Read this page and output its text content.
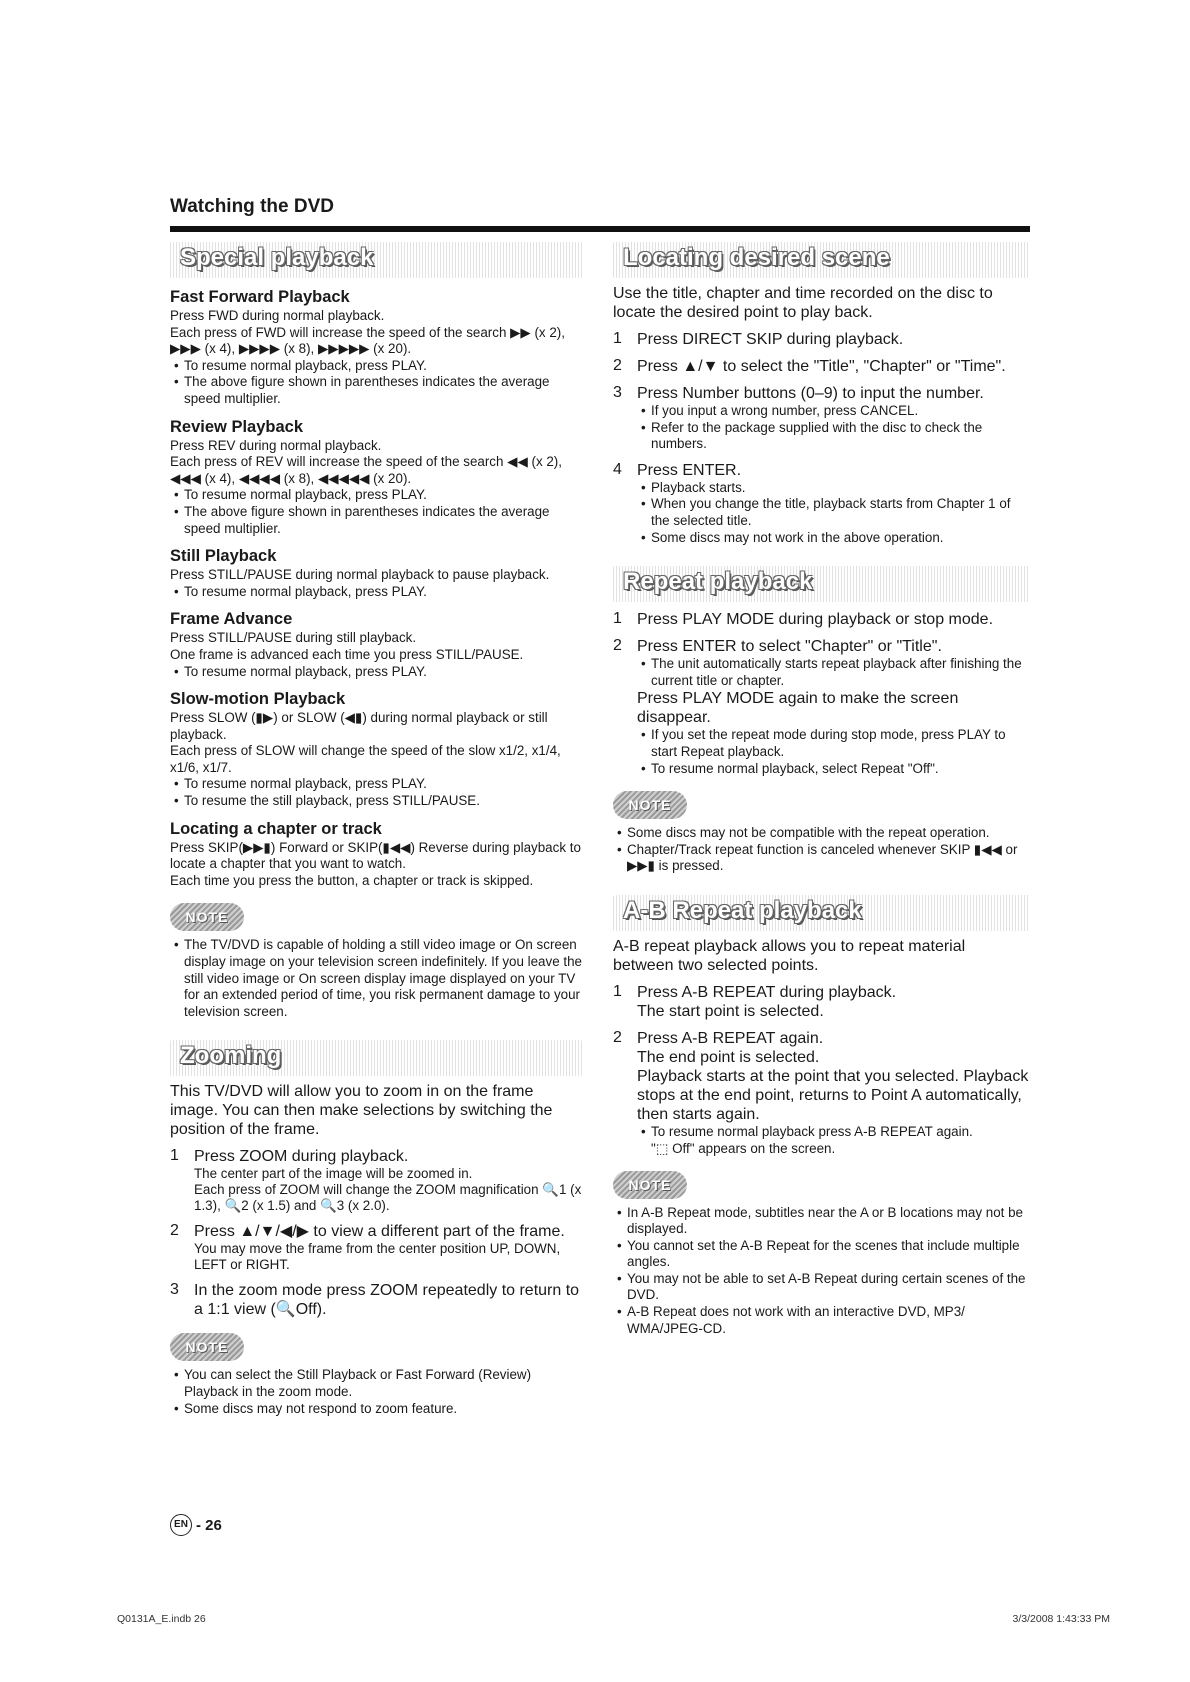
Watching the DVD
Special playback
Fast Forward Playback

Press FWD during normal playback.

Each press of FWD will increase the speed of the search ▶▶ (x 2), ▶▶▶ (x 4), ▶▶▶▶ (x 8), ▶▶▶▶▶ (x 20).

• To resume normal playback, press PLAY.

• The above figure shown in parentheses indicates the average speed multiplier.

Review Playback

Press REV during normal playback.

Each press of REV will increase the speed of the search ◀◀ (x 2), ◀◀◀ (x 4), ◀◀◀◀ (x 8), ◀◀◀◀◀ (x 20).

• To resume normal playback, press PLAY.

• The above figure shown in parentheses indicates the average speed multiplier.

Still Playback

Press STILL/PAUSE during normal playback to pause playback.

• To resume normal playback, press PLAY.

Frame Advance

Press STILL/PAUSE during still playback.

One frame is advanced each time you press STILL/PAUSE.

• To resume normal playback, press PLAY.

Slow-motion Playback

Press SLOW (▮▶) or SLOW (◀▮) during normal playback or still playback.

Each press of SLOW will change the speed of the slow x1/2, x1/4, x1/6, x1/7.

• To resume normal playback, press PLAY.

• To resume the still playback, press STILL/PAUSE.

Locating a chapter or track

Press SKIP(▶▶▮) Forward or SKIP(▮◀◀) Reverse during playback to locate a chapter that you want to watch.

Each time you press the button, a chapter or track is skipped.

NOTE

• The TV/DVD is capable of holding a still video image or On screen display image on your television screen indefinitely. If you leave the still video image or On screen display image displayed on your TV for an extended period of time, you risk permanent damage to your television screen.

Zooming

This TV/DVD will allow you to zoom in on the frame image. You can then make selections by switching the position of the frame.

1 Press ZOOM during playback.
The center part of the image will be zoomed in.
Each press of ZOOM will change the ZOOM magnification 🔍1 (x 1.3), 🔍2 (x 1.5) and 🔍3 (x 2.0).
2 Press ▲/▼/◀/▶ to view a different part of the frame.
You may move the frame from the center position UP, DOWN, LEFT or RIGHT.
3 In the zoom mode press ZOOM repeatedly to return to a 1:1 view (🔍Off).
NOTE

• You can select the Still Playback or Fast Forward (Review) Playback in the zoom mode.

• Some discs may not respond to zoom feature.

Locating desired scene

Use the title, chapter and time recorded on the disc to locate the desired point to play back.

1 Press DIRECT SKIP during playback.
2 Press ▲/▼ to select the "Title", "Chapter" or "Time".
3 Press Number buttons (0–9) to input the number.

• If you input a wrong number, press CANCEL.

• Refer to the package supplied with the disc to check the numbers.

4 Press ENTER.

• Playback starts.

• When you change the title, playback starts from Chapter 1 of the selected title.

• Some discs may not work in the above operation.

Repeat playback
1 Press PLAY MODE during playback or stop mode.
2 Press ENTER to select "Chapter" or "Title".

• The unit automatically starts repeat playback after finishing the current title or chapter.

Press PLAY MODE again to make the screen disappear.

• If you set the repeat mode during stop mode, press PLAY to start Repeat playback.

• To resume normal playback, select Repeat "Off".

NOTE

• Some discs may not be compatible with the repeat operation.

• Chapter/Track repeat function is canceled whenever SKIP ▮◀◀ or ▶▶▮ is pressed.

A-B Repeat playback

A-B repeat playback allows you to repeat material between two selected points.

1 Press A-B REPEAT during playback.
The start point is selected.
2 Press A-B REPEAT again.
The end point is selected.
Playback starts at the point that you selected. Playback stops at the end point, returns to Point A automatically, then starts again.

• To resume normal playback press A-B REPEAT again.

"⬚ Off" appears on the screen.
NOTE

• In A-B Repeat mode, subtitles near the A or B locations may not be displayed.

• You cannot set the A-B Repeat for the scenes that include multiple angles.

• You may not be able to set A-B Repeat during certain scenes of the DVD.

• A-B Repeat does not work with an interactive DVD, MP3/ WMA/JPEG-CD.

EN - 26
Q0131A_E.indb 26	3/3/2008 1:43:33 PM
